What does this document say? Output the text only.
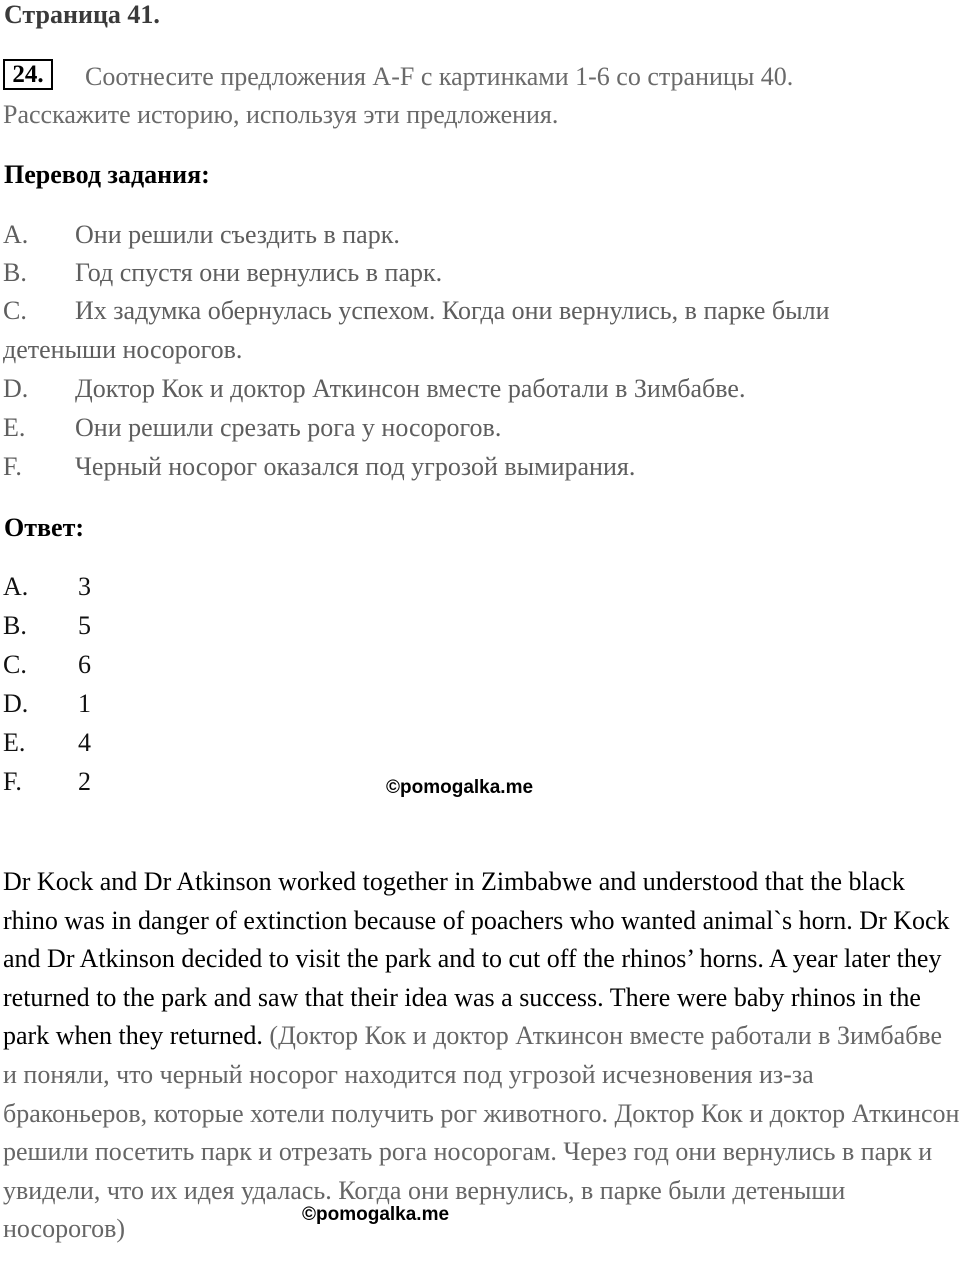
Страница 41.
24.	Соотнесите предложения A-F с картинками 1-6 со страницы 40.
Расскажите историю, используя эти предложения.
Перевод задания:
A. Они решили съездить в парк.
B. Год спустя они вернулись в парк.
C. Их задумка обернулась успехом. Когда они вернулись, в парке были
детеныши носорогов.
D. Доктор Кок и доктор Аткинсон вместе работали в Зимбабве.
E. Они решили срезать рога у носорогов.
F. Черный носорог оказался под угрозой вымирания.
Ответ:
A. 3
B. 5
C. 6
D. 1
E. 4
F. 2	©pomogalka.me
Dr Kock and Dr Atkinson worked together in Zimbabwe and understood that the black rhino was in danger of extinction because of poachers who wanted animal`s horn. Dr Kock and Dr Atkinson decided to visit the park and to cut off the rhinos’ horns. A year later they returned to the park and saw that their idea was a success. There were baby rhinos in the park when they returned. (Доктор Кок и доктор Аткинсон вместе работали в Зимбабве и поняли, что черный носорог находится под угрозой исчезновения из-за браконьеров, которые хотели получить рог животного. Доктор Кок и доктор Аткинсон решили посетить парк и отрезать рога носорогам. Через год они вернулись в парк и увидели, что их идея удалась. Когда они вернулись, в парке были детеныши носорогов)	©pomogalka.me
